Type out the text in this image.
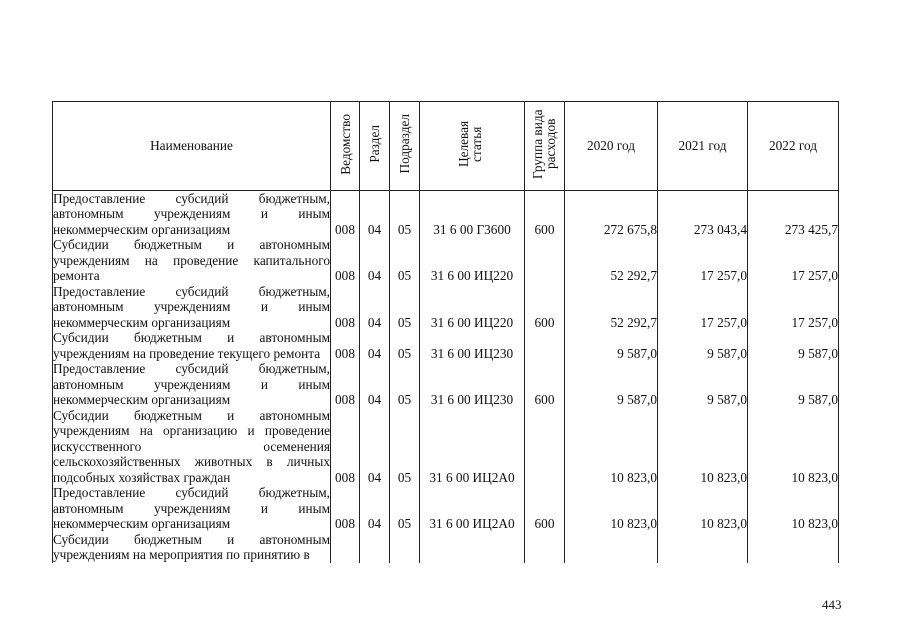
Наименование	Ведомство	Раздел	Подраздел	Целевая статья	Группа вида расходов	2020 год	2021 год	2022 год
Предоставление субсидий бюджетным, автономным учреждениям и иным некоммерческим организациям	008	04	05	31 6 00 Г3600	600	272 675,8	273 043,4	273 425,7
Субсидии бюджетным и автономным учреждениям на проведение капитального ремонта	008	04	05	31 6 00 ИЦ220		52 292,7	17 257,0	17 257,0
Предоставление субсидий бюджетным, автономным учреждениям и иным некоммерческим организациям	008	04	05	31 6 00 ИЦ220	600	52 292,7	17 257,0	17 257,0
Субсидии бюджетным и автономным учреждениям на проведение текущего ремонта	008	04	05	31 6 00 ИЦ230		9 587,0	9 587,0	9 587,0
Предоставление субсидий бюджетным, автономным учреждениям и иным некоммерческим организациям	008	04	05	31 6 00 ИЦ230	600	9 587,0	9 587,0	9 587,0
Субсидии бюджетным и автономным учреждениям на организацию и проведение искусственного осеменения сельскохозяйственных животных в личных подсобных хозяйствах граждан	008	04	05	31 6 00 ИЦ2А0		10 823,0	10 823,0	10 823,0
Предоставление субсидий бюджетным, автономным учреждениям и иным некоммерческим организациям	008	04	05	31 6 00 ИЦ2А0	600	10 823,0	10 823,0	10 823,0
Субсидии бюджетным и автономным учреждениям на мероприятия по принятию в								
443
